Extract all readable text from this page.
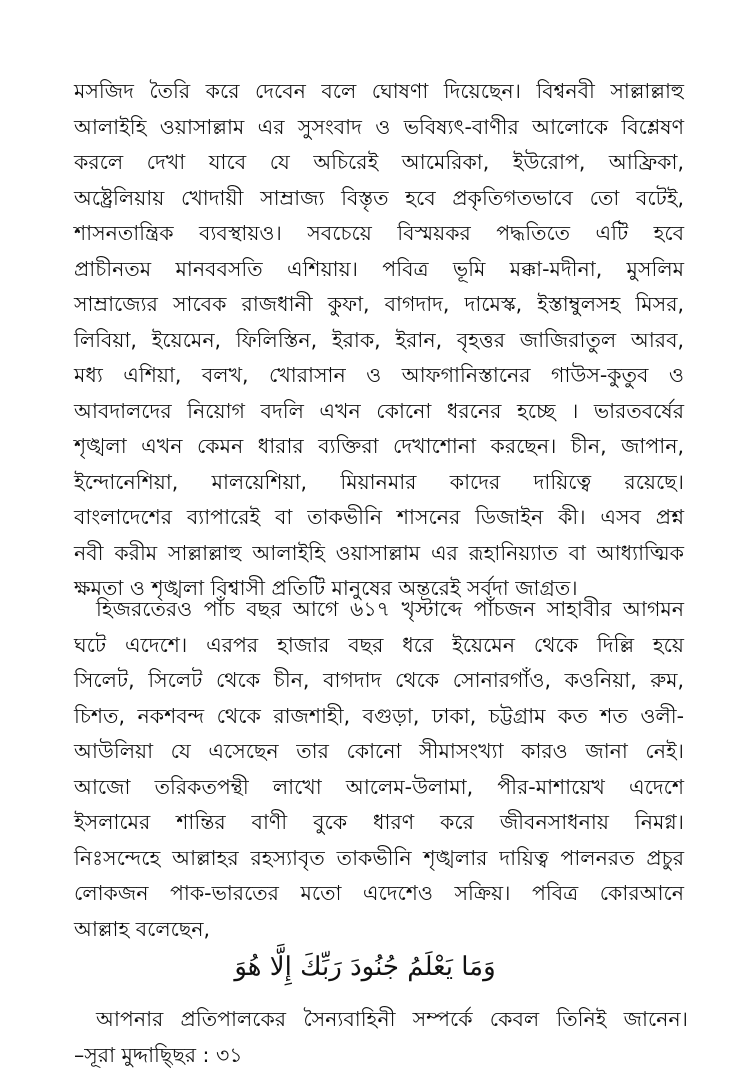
মসজিদ তৈরি করে দেবেন বলে ঘোষণা দিয়েছেন। বিশ্বনবী সাল্লাল্লাহু
আলাইহি ওয়াসাল্লাম এর সুসংবাদ ও ভবিষ্যৎ-বাণীর আলোকে বিশ্লেষণ
করলে দেখা যাবে যে অচিরেই আমেরিকা, ইউরোপ, আফ্রিকা,
অষ্ট্রেলিয়ায় খোদায়ী সাম্রাজ্য বিস্তৃত হবে প্রকৃতিগতভাবে তো বটেই,
শাসনতান্ত্রিক ব্যবস্থায়ও। সবচেয়ে বিস্ময়কর পদ্ধতিতে এটি হবে
প্রাচীনতম মানববসতি এশিয়ায়। পবিত্র ভূমি মক্কা-মদীনা, মুসলিম
সাম্রাজ্যের সাবেক রাজধানী কুফা, বাগদাদ, দামেস্ক, ইস্তাম্বুলসহ মিসর,
লিবিয়া, ইয়েমেন, ফিলিস্তিন, ইরাক, ইরান, বৃহত্তর জাজিরাতুল আরব,
মধ্য এশিয়া, বলখ, খোরাসান ও আফগানিস্তানের গাউস-কুতুব ও
আবদালদের নিয়োগ বদলি এখন কোনো ধরনের হচ্ছে । ভারতবর্ষের
শৃঙ্খলা এখন কেমন ধারার ব্যক্তিরা দেখাশোনা করছেন। চীন, জাপান,
ইন্দোনেশিয়া, মালয়েশিয়া, মিয়ানমার কাদের দায়িত্বে রয়েছে।
বাংলাদেশের ব্যাপারেই বা তাকভীনি শাসনের ডিজাইন কী। এসব প্রশ্ন
নবী করীম সাল্লাল্লাহু আলাইহি ওয়াসাল্লাম এর রূহানিয়্যাত বা আধ্যাত্মিক
ক্ষমতা ও শৃঙ্খলা বিশ্বাসী প্রতিটি মানুষের অন্তরেই সর্বদা জাগ্রত।

হিজরতেরও পাঁচ বছর আগে ৬১৭ খৃস্টাব্দে পাঁচজন সাহাবীর আগমন
ঘটে এদেশে। এরপর হাজার বছর ধরে ইয়েমেন থেকে দিল্লি হয়ে
সিলেট, সিলেট থেকে চীন, বাগদাদ থেকে সোনারগাঁও, কওনিয়া, রুম,
চিশত, নকশবন্দ থেকে রাজশাহী, বগুড়া, ঢাকা, চট্টগ্রাম কত শত ওলী-
আউলিয়া যে এসেছেন তার কোনো সীমাসংখ্যা কারও জানা নেই।
আজো তরিকতপন্থী লাখো আলেম-উলামা, পীর-মাশায়েখ এদেশে
ইসলামের শান্তির বাণী বুকে ধারণ করে জীবনসাধনায় নিমগ্ন।
নিঃসন্দেহে আল্লাহর রহস্যাবৃত তাকভীনি শৃঙ্খলার দায়িত্ব পালনরত প্রচুর
লোকজন পাক-ভারতের মতো এদেশেও সক্রিয়। পবিত্র কোরআনে
আল্লাহ বলেছেন,

وَمَا يَعْلَمُ جُنُودَ رَبِّكَ إِلَّا هُوَ

আপনার প্রতিপালকের সৈন্যবাহিনী সম্পর্কে কেবল তিনিই জানেন।

–সূরা মুদ্দাছ্ছির : ৩১
